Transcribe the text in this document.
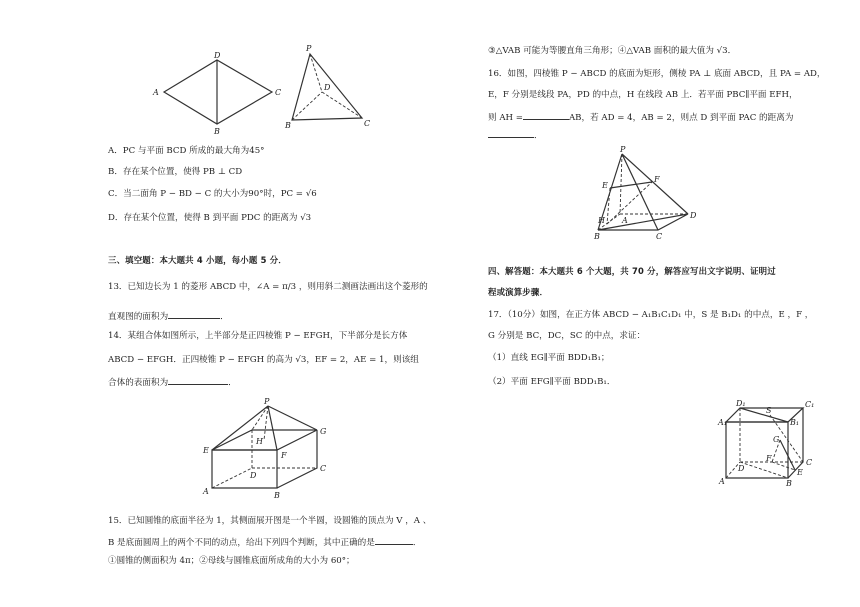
A
D
C
B
P
D
B	C
A．PC 与平面 BCD 所成的最大角为45°
B．存在某个位置，使得 PB ⊥ CD
C．当二面角 P − BD − C 的大小为90°时，PC = √6
D．存在某个位置，使得 B 到平面 PDC 的距离为 √3
三、填空题：本大题共 4 小题，每小题 5 分．
13．已知边长为 1 的菱形 ABCD 中，∠A = π/3 ，则用斜二测画法画出这个菱形的
直观图的面积为	．
14．某组合体如图所示，上半部分是正四棱锥 P − EFGH，下半部分是长方体
ABCD − EFGH．正四棱锥 P − EFGH 的高为 √3，EF = 2，AE = 1，则该组
合体的表面积为	．
P
E
G
H
F
D
C
A	B
15．已知圆锥的底面半径为 1，其侧面展开图是一个半圆，设圆锥的顶点为 V ，A 、
B 是底面圆周上的两个不同的动点，给出下列四个判断，其中正确的是	．
①圆锥的侧面积为 4π；②母线与圆锥底面所成角的大小为 60°；
③△VAB 可能为等腰直角三角形；④△VAB 面积的最大值为 √3．
16．如图，四棱锥 P − ABCD 的底面为矩形，侧棱 PA ⊥ 底面 ABCD，且 PA = AD，
E，F 分别是线段 PA，PD 的中点，H 在线段 AB 上．若平面 PBC∥平面 EFH，
则 AH =	AB，若 AD = 4，AB = 2，则点 D 到平面 PAC 的距离为
．
P
E
F
H A
D
B	C
四、解答题：本大题共 6 个大题，共 70 分，解答应写出文字说明、证明过
程或演算步骤．
17．（10分）如图，在正方体 ABCD − A₁B₁C₁D₁ 中，S 是 B₁D₁ 的中点，E ，F ，
G 分别是 BC，DC，SC 的中点，求证：
（1）直线 EG∥平面 BDD₁B₁；
（2）平面 EFG∥平面 BDD₁B₁．
D₁	C₁
A₁	B₁
S
G
F
D
C
A	B
E
